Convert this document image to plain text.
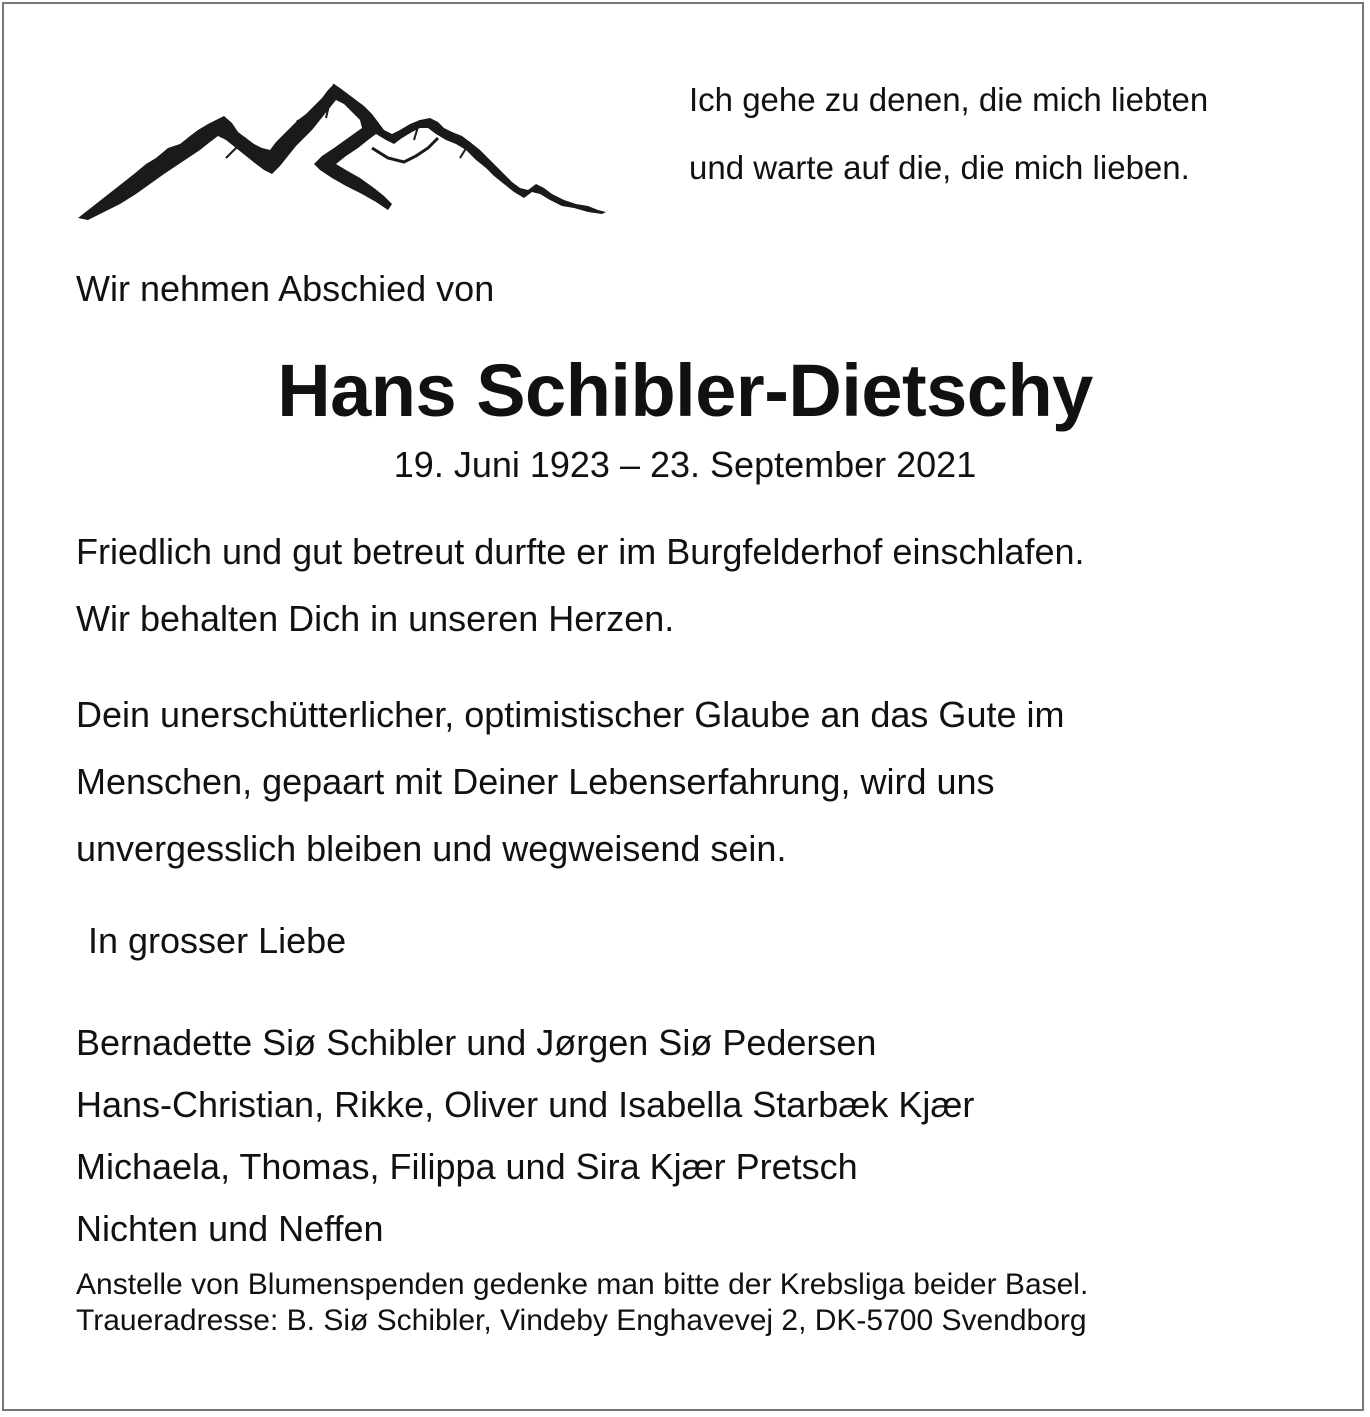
Ich gehe zu denen, die mich liebten
und warte auf die, die mich lieben.
Wir nehmen Abschied von
Hans Schibler-Dietschy
19. Juni 1923 – 23. September 2021
Friedlich und gut betreut durfte er im Burgfelderhof einschlafen.
Wir behalten Dich in unseren Herzen.
Dein unerschütterlicher, optimistischer Glaube an das Gute im
Menschen, gepaart mit Deiner Lebenserfahrung, wird uns
unvergesslich bleiben und wegweisend sein.
In grosser Liebe
Bernadette Siø Schibler und Jørgen Siø Pedersen
Hans-Christian, Rikke, Oliver und Isabella Starbæk Kjær
Michaela, Thomas, Filippa und Sira Kjær Pretsch
Nichten und Neffen
Anstelle von Blumenspenden gedenke man bitte der Krebsliga beider Basel.
Traueradresse: B. Siø Schibler, Vindeby Enghavevej 2, DK-5700 Svendborg
